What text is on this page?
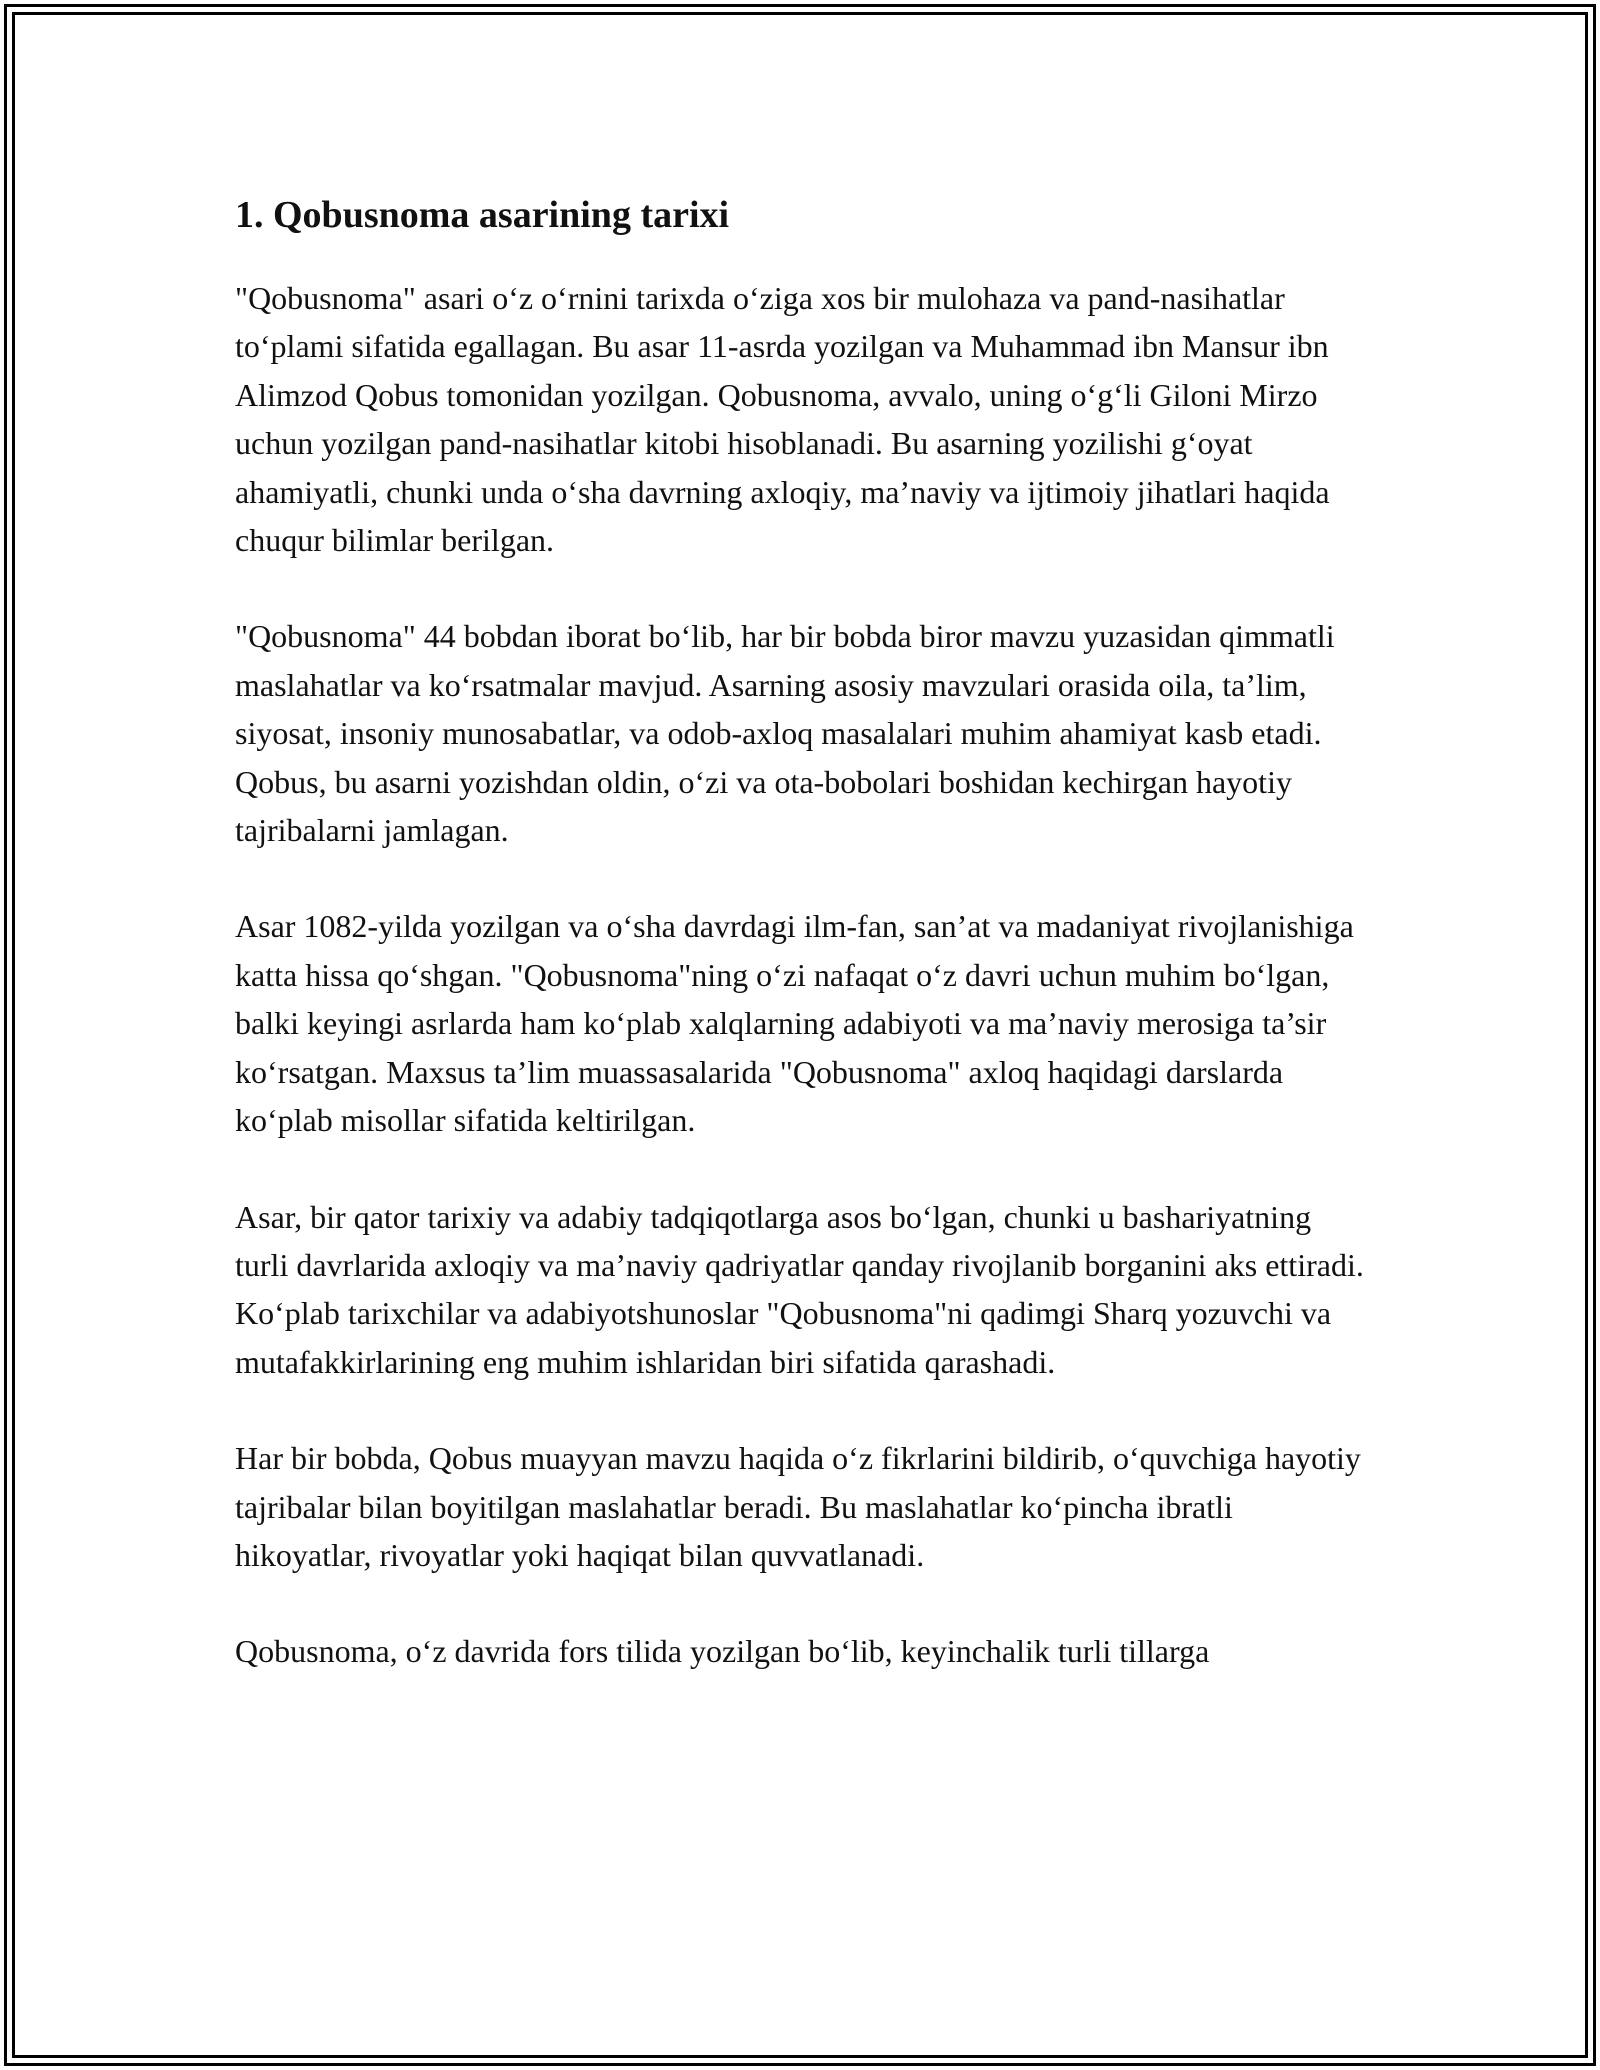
1. Qobusnoma asarining tarixi

"Qobusnoma" asari o‘z o‘rnini tarixda o‘ziga xos bir mulohaza va pand-nasihatlar to‘plami sifatida egallagan. Bu asar 11-asrda yozilgan va Muhammad ibn Mansur ibn Alimzod Qobus tomonidan yozilgan. Qobusnoma, avvalo, uning o‘g‘li Giloni Mirzo uchun yozilgan pand-nasihatlar kitobi hisoblanadi. Bu asarning yozilishi g‘oyat ahamiyatli, chunki unda o‘sha davrning axloqiy, ma’naviy va ijtimoiy jihatlari haqida chuqur bilimlar berilgan.

"Qobusnoma" 44 bobdan iborat bo‘lib, har bir bobda biror mavzu yuzasidan qimmatli maslahatlar va ko‘rsatmalar mavjud. Asarning asosiy mavzulari orasida oila, ta’lim, siyosat, insoniy munosabatlar, va odob-axloq masalalari muhim ahamiyat kasb etadi. Qobus, bu asarni yozishdan oldin, o‘zi va ota-bobolari boshidan kechirgan hayotiy tajribalarni jamlagan.

Asar 1082-yilda yozilgan va o‘sha davrdagi ilm-fan, san’at va madaniyat rivojlanishiga katta hissa qo‘shgan. "Qobusnoma"ning o‘zi nafaqat o‘z davri uchun muhim bo‘lgan, balki keyingi asrlarda ham ko‘plab xalqlarning adabiyoti va ma’naviy merosiga ta’sir ko‘rsatgan. Maxsus ta’lim muassasalarida "Qobusnoma" axloq haqidagi darslarda ko‘plab misollar sifatida keltirilgan.

Asar, bir qator tarixiy va adabiy tadqiqotlarga asos bo‘lgan, chunki u bashariyatning turli davrlarida axloqiy va ma’naviy qadriyatlar qanday rivojlanib borganini aks ettiradi. Ko‘plab tarixchilar va adabiyotshunoslar "Qobusnoma"ni qadimgi Sharq yozuvchi va mutafakkirlarining eng muhim ishlaridan biri sifatida qarashadi.

Har bir bobda, Qobus muayyan mavzu haqida o‘z fikrlarini bildirib, o‘quvchiga hayotiy tajribalar bilan boyitilgan maslahatlar beradi. Bu maslahatlar ko‘pincha ibratli hikoyatlar, rivoyatlar yoki haqiqat bilan quvvatlanadi.

Qobusnoma, o‘z davrida fors tilida yozilgan bo‘lib, keyinchalik turli tillarga
